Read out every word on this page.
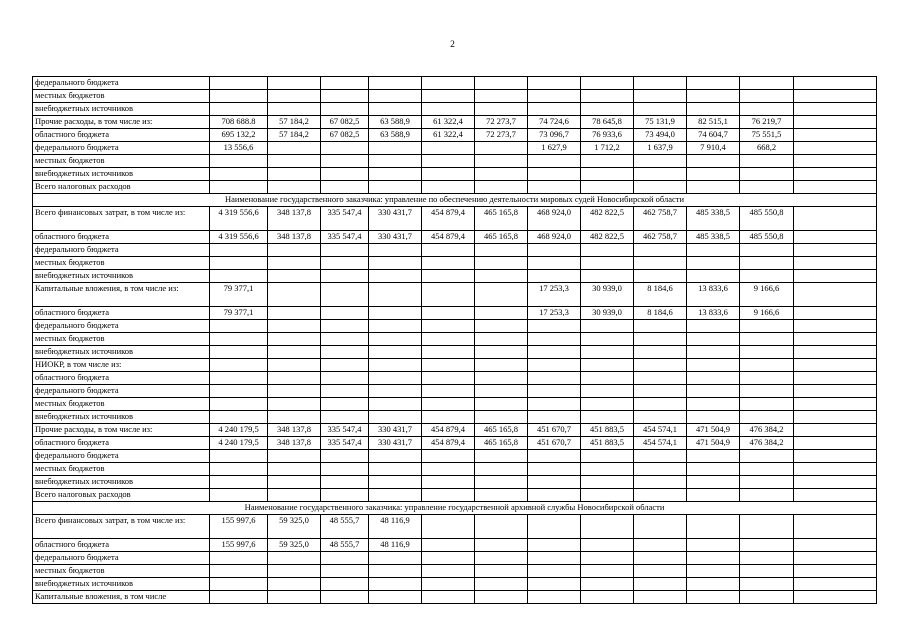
2
федерального бюджета												
местных бюджетов												
внебюджетных источников												
Прочие расходы, в том числе из:	708 688.8	57 184,2	67 082,5	63 588,9	61 322,4	72 273,7	74 724,6	78 645,8	75 131,9	82 515,1	76 219,7	
областного бюджета	695 132,2	57 184,2	67 082,5	63 588,9	61 322,4	72 273,7	73 096,7	76 933,6	73 494,0	74 604,7	75 551,5	
федерального бюджета	13 556,6						1 627,9	1 712,2	1 637,9	7 910,4	668,2	
местных бюджетов												
внебюджетных источников												
Всего налоговых расходов												
Наименование государственного заказчика: управление по обеспечению деятельности мировых судей Новосибирской области												
Всего финансовых затрат, в том числе из:	4 319 556,6	348 137,8	335 547,4	330 431,7	454 879,4	465 165,8	468 924,0	482 822,5	462 758,7	485 338,5	485 550,8	
областного бюджета	4 319 556,6	348 137,8	335 547,4	330 431,7	454 879,4	465 165,8	468 924,0	482 822,5	462 758,7	485 338,5	485 550,8	
федерального бюджета												
местных бюджетов												
внебюджетных источников												
Капитальные вложения, в том числе из:	79 377,1						17 253,3	30 939,0	8 184,6	13 833,6	9 166,6	
областного бюджета	79 377,1						17 253,3	30 939,0	8 184,6	13 833,6	9 166,6	
федерального бюджета												
местных бюджетов												
внебюджетных источников												
НИОКР, в том числе из:												
областного бюджета												
федерального бюджета												
местных бюджетов												
внебюджетных источников												
Прочие расходы, в том числе из:	4 240 179,5	348 137,8	335 547,4	330 431,7	454 879,4	465 165,8	451 670,7	451 883,5	454 574,1	471 504,9	476 384,2	
областного бюджета	4 240 179,5	348 137,8	335 547,4	330 431,7	454 879,4	465 165,8	451 670,7	451 883,5	454 574,1	471 504,9	476 384,2	
федерального бюджета												
местных бюджетов												
внебюджетных источников												
Всего налоговых расходов												
Наименование государственного заказчика: управление государственной архивной службы Новосибирской области												
Всего финансовых затрат, в том числе из:	155 997,6	59 325,0	48 555,7	48 116,9								
областного бюджета	155 997,6	59 325,0	48 555,7	48 116,9								
федерального бюджета												
местных бюджетов												
внебюджетных источников												
Капитальные вложения, в том числе												
